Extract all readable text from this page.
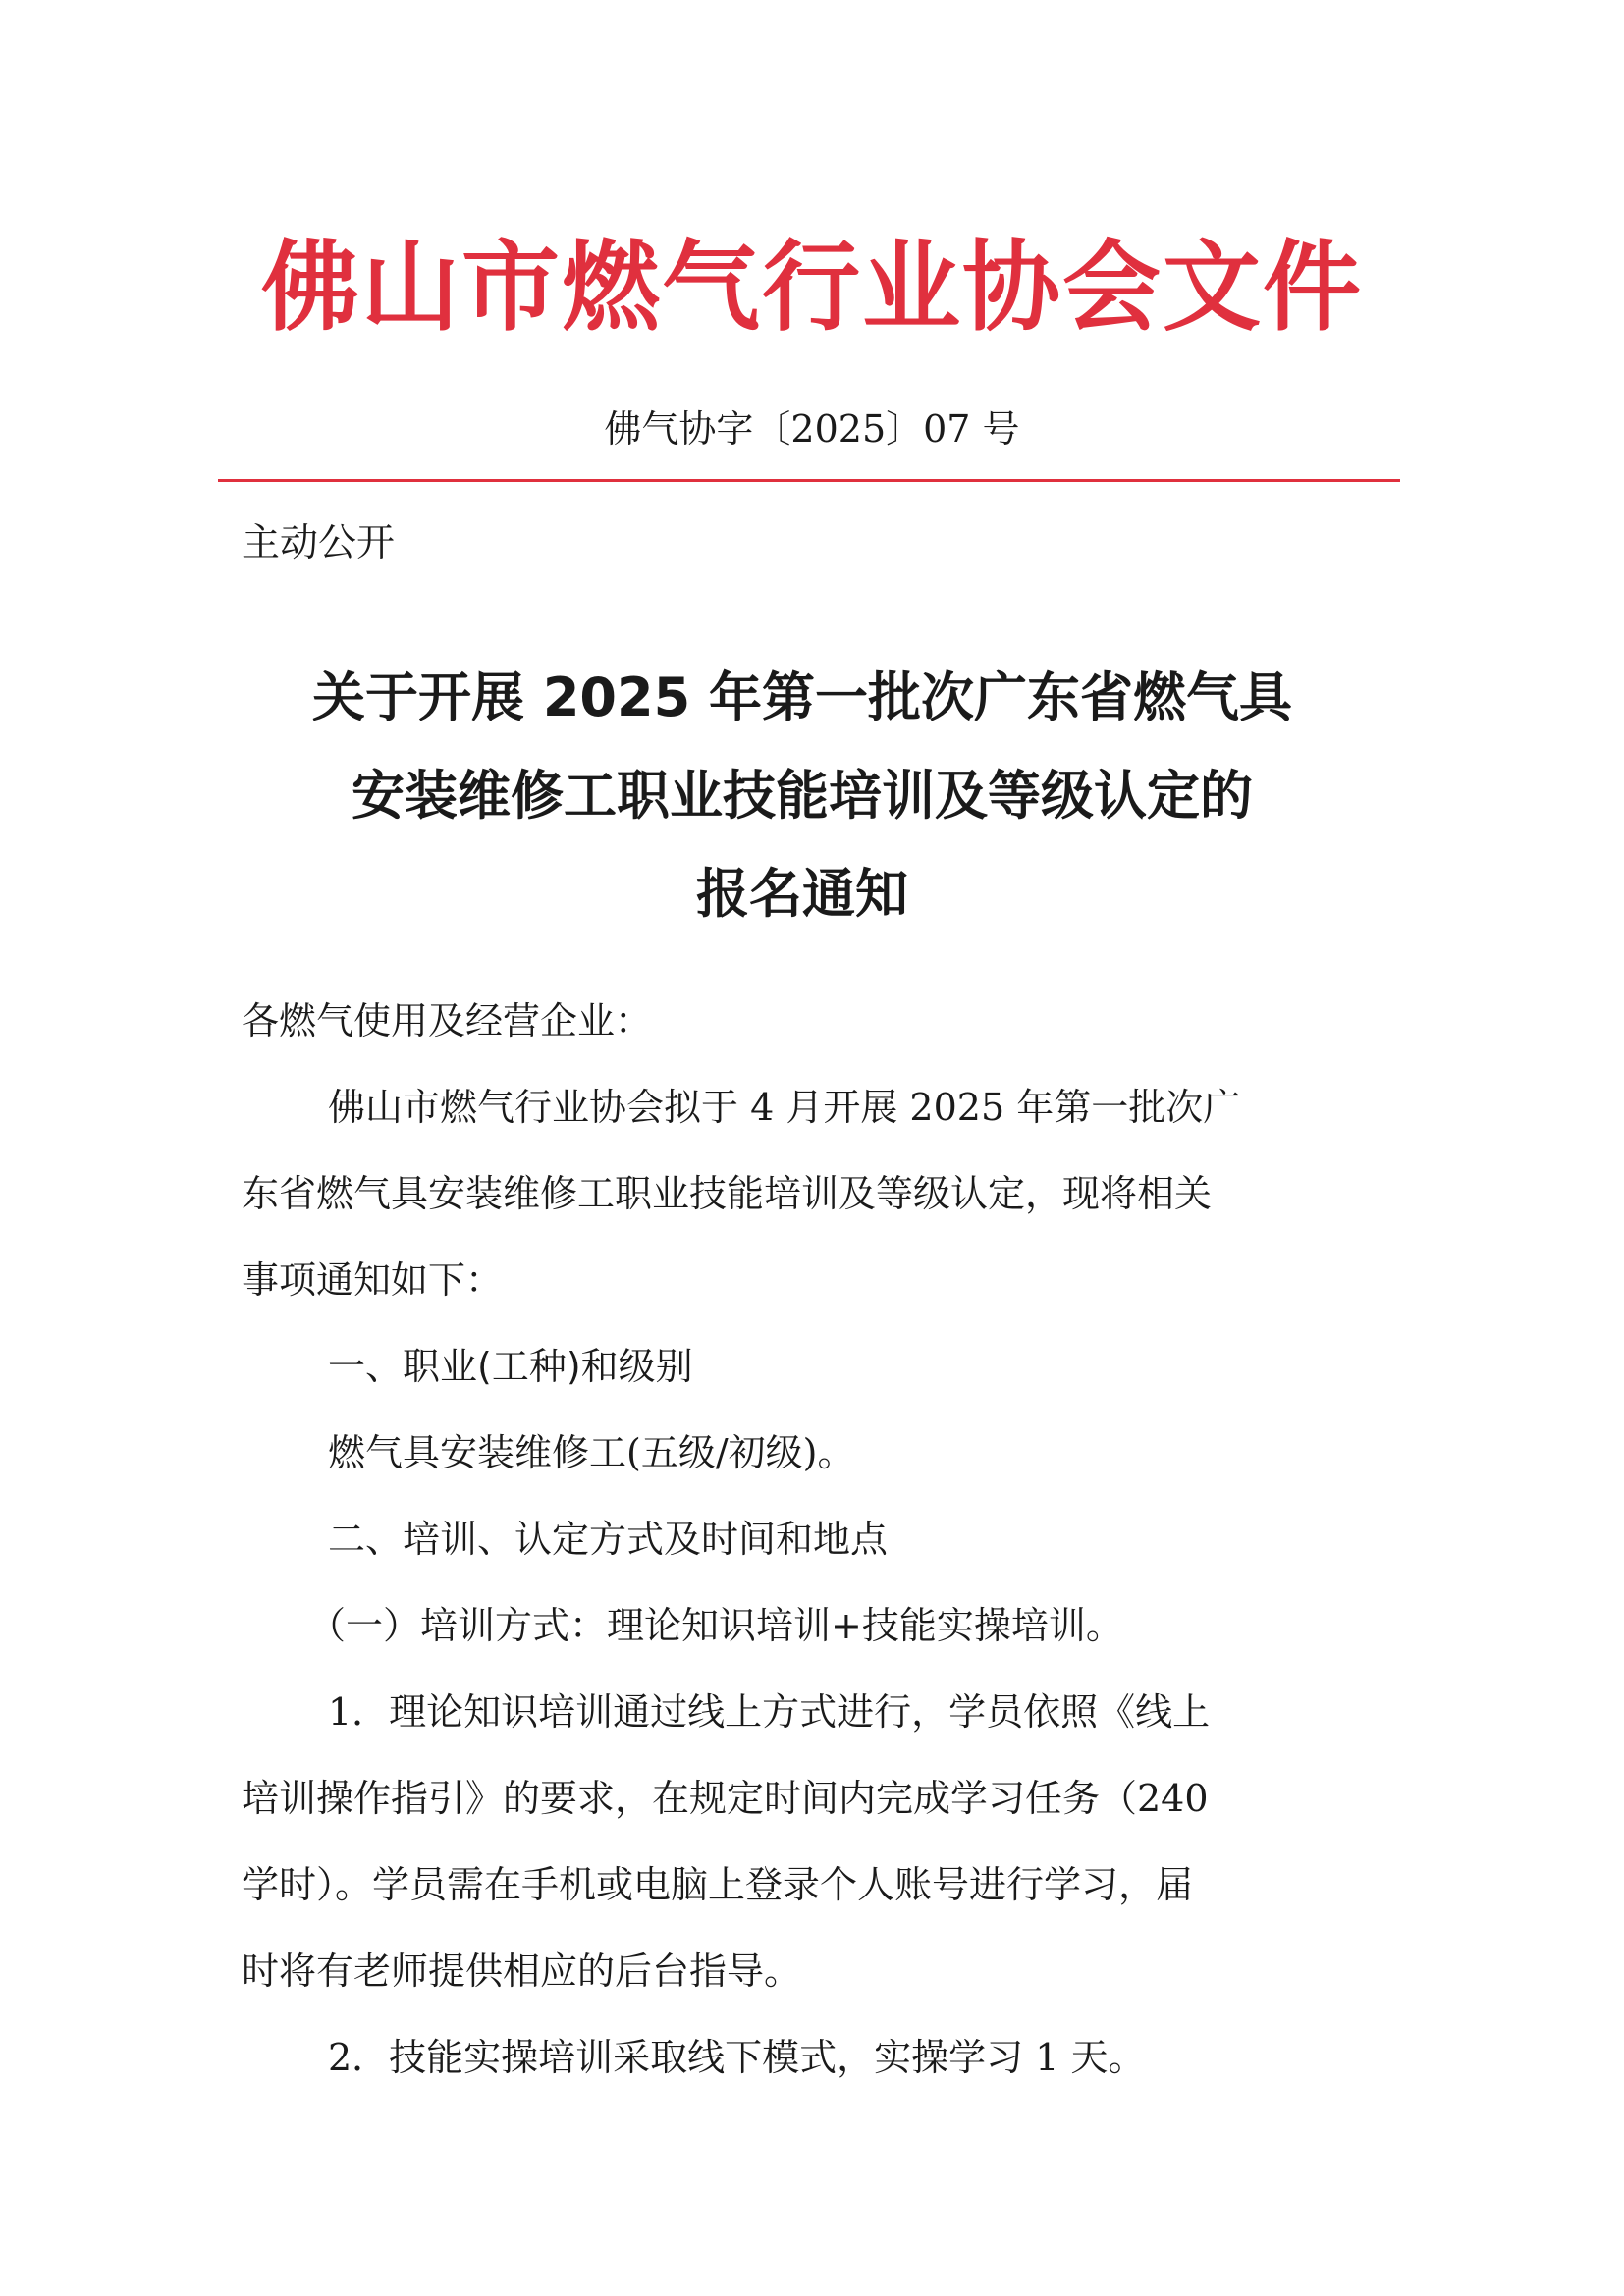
佛山市燃气行业协会文件
佛气协字〔2025〕07 号
主动公开
关于开展 2025 年第一批次广东省燃气具
安装维修工职业技能培训及等级认定的
报名通知
各燃气使用及经营企业：
佛山市燃气行业协会拟于 4 月开展 2025 年第一批次广
东省燃气具安装维修工职业技能培训及等级认定，现将相关
事项通知如下：
一、职业(工种)和级别
燃气具安装维修工(五级/初级)。
二、培训、认定方式及时间和地点
（一）培训方式：理论知识培训+技能实操培训。
1．理论知识培训通过线上方式进行，学员依照《线上
培训操作指引》的要求，在规定时间内完成学习任务（240
学时）。学员需在手机或电脑上登录个人账号进行学习，届
时将有老师提供相应的后台指导。
2．技能实操培训采取线下模式，实操学习 1 天。
